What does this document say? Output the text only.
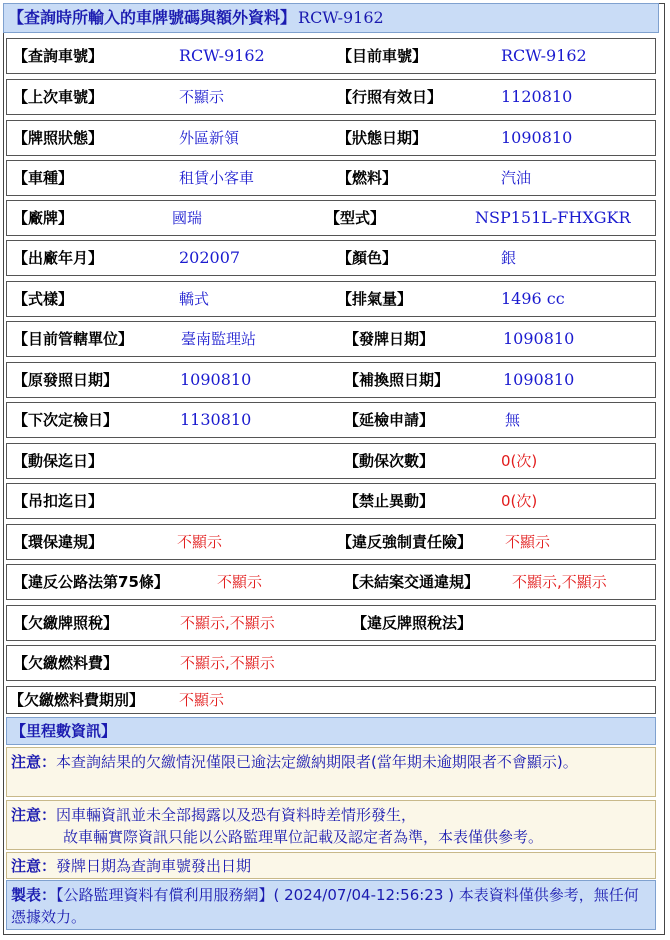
【查詢時所輸入的車牌號碼與額外資料】 RCW-9162
【查詢車號】	RCW-9162	【目前車號】	RCW-9162
【上次車號】	不顯示	【行照有效日】	1120810
【牌照狀態】	外區新領	【狀態日期】	1090810
【車種】	租賃小客車	【燃料】	汽油
【廠牌】	國瑞	【型式】	NSP151L-FHXGKR
【出廠年月】	202007	【顏色】	銀
【式樣】	轎式	【排氣量】	1496 cc
【目前管轄單位】	臺南監理站	【發牌日期】	1090810
【原發照日期】	1090810	【補換照日期】	1090810
【下次定檢日】	1130810	【延檢申請】	無
【動保迄日】	【動保次數】	0(次)
【吊扣迄日】	【禁止異動】	0(次)
【環保違規】	不顯示	【違反強制責任險】 不顯示
【違反公路法第75條】	不顯示	【未結案交通違規】 不顯示,不顯示
【欠繳牌照稅】	不顯示,不顯示	【違反牌照稅法】
【欠繳燃料費】	不顯示,不顯示
【欠繳燃料費期別】 不顯示
【里程數資訊】
注意：本查詢結果的欠繳情況僅限已逾法定繳納期限者(當年期未逾期限者不會顯示)。
注意：因車輛資訊並未全部揭露以及恐有資料時差情形發生，
故車輛實際資訊只能以公路監理單位記載及認定者為準，本表僅供參考。
注意：發牌日期為查詢車號發出日期
製表：【公路監理資料有償利用服務網】( 2024/07/04-12:56:23 ) 本表資料僅供參考，無任何憑據效力。
